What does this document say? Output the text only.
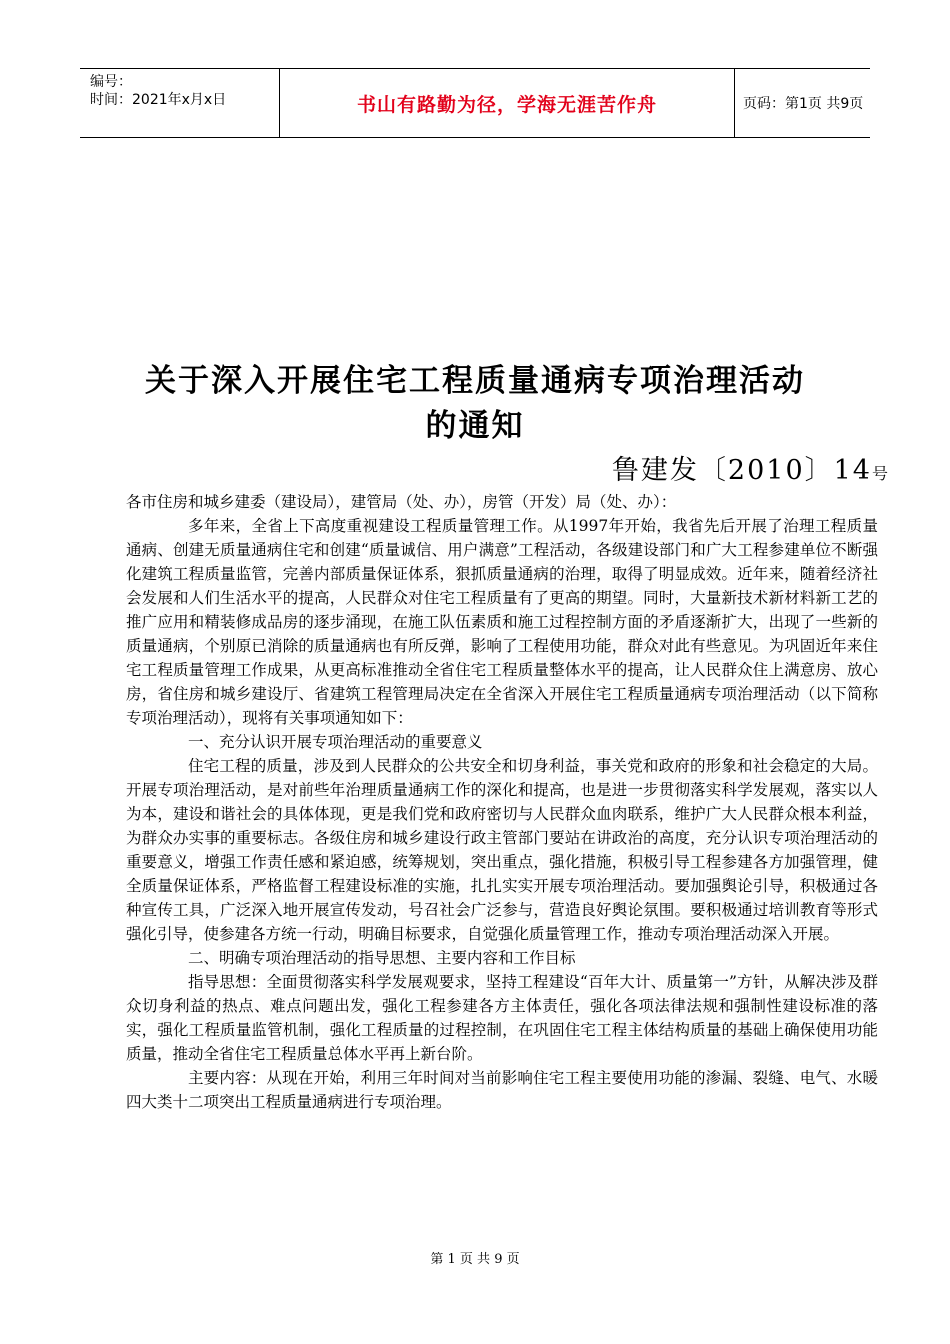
编号：
时间：2021年x月x日	书山有路勤为径，学海无涯苦作舟	页码：第1页 共9页
关于深入开展住宅工程质量通病专项治理活动
的通知
鲁建发〔2010〕14号

各市住房和城乡建委（建设局），建管局（处、办），房管（开发）局（处、办）：

多年来，全省上下高度重视建设工程质量管理工作。从1997年开始，我省先后开展了治理工程质量通病、创建无质量通病住宅和创建“质量诚信、用户满意”工程活动，各级建设部门和广大工程参建单位不断强化建筑工程质量监管，完善内部质量保证体系，狠抓质量通病的治理，取得了明显成效。近年来，随着经济社会发展和人们生活水平的提高，人民群众对住宅工程质量有了更高的期望。同时，大量新技术新材料新工艺的推广应用和精装修成品房的逐步涌现，在施工队伍素质和施工过程控制方面的矛盾逐渐扩大，出现了一些新的质量通病，个别原已消除的质量通病也有所反弹，影响了工程使用功能，群众对此有些意见。为巩固近年来住宅工程质量管理工作成果，从更高标准推动全省住宅工程质量整体水平的提高，让人民群众住上满意房、放心房，省住房和城乡建设厅、省建筑工程管理局决定在全省深入开展住宅工程质量通病专项治理活动（以下简称专项治理活动），现将有关事项通知如下：

一、充分认识开展专项治理活动的重要意义

住宅工程的质量，涉及到人民群众的公共安全和切身利益，事关党和政府的形象和社会稳定的大局。开展专项治理活动，是对前些年治理质量通病工作的深化和提高，也是进一步贯彻落实科学发展观，落实以人为本，建设和谐社会的具体体现，更是我们党和政府密切与人民群众血肉联系，维护广大人民群众根本利益，为群众办实事的重要标志。各级住房和城乡建设行政主管部门要站在讲政治的高度，充分认识专项治理活动的重要意义，增强工作责任感和紧迫感，统筹规划，突出重点，强化措施，积极引导工程参建各方加强管理，健全质量保证体系，严格监督工程建设标准的实施，扎扎实实开展专项治理活动。要加强舆论引导，积极通过各种宣传工具，广泛深入地开展宣传发动，号召社会广泛参与，营造良好舆论氛围。要积极通过培训教育等形式强化引导，使参建各方统一行动，明确目标要求，自觉强化质量管理工作，推动专项治理活动深入开展。

二、明确专项治理活动的指导思想、主要内容和工作目标

指导思想：全面贯彻落实科学发展观要求，坚持工程建设“百年大计、质量第一”方针，从解决涉及群众切身利益的热点、难点问题出发，强化工程参建各方主体责任，强化各项法律法规和强制性建设标准的落实，强化工程质量监管机制，强化工程质量的过程控制，在巩固住宅工程主体结构质量的基础上确保使用功能质量，推动全省住宅工程质量总体水平再上新台阶。

主要内容：从现在开始，利用三年时间对当前影响住宅工程主要使用功能的渗漏、裂缝、电气、水暖四大类十二项突出工程质量通病进行专项治理。

第 1 页 共 9 页
